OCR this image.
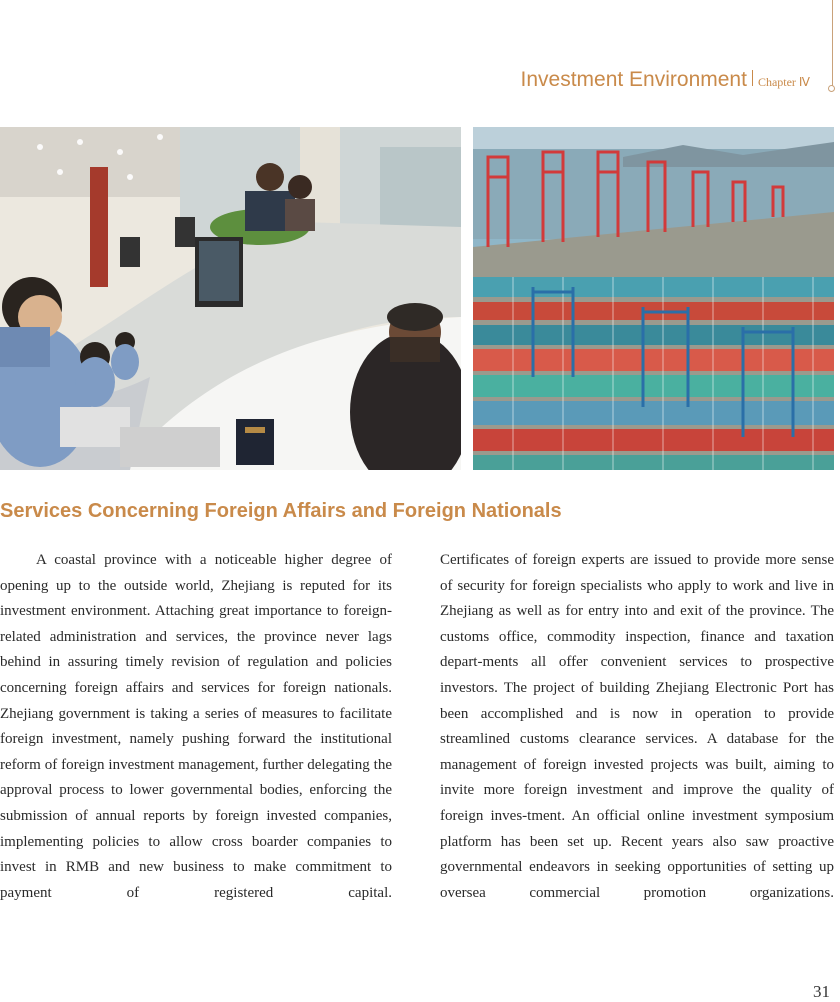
Investment Environment Chapter Ⅳ
Services Concerning Foreign Affairs and Foreign Nationals
A coastal province with a noticeable higher degree of opening up to the outside world, Zhejiang is reputed for its investment environment. Attaching great importance to foreign-related administration and services, the province never lags behind in assuring timely revision of regulation and policies concerning foreign affairs and services for foreign nationals. Zhejiang government is taking a series of measures to facilitate foreign investment, namely pushing forward the institutional reform of foreign investment management, further delegating the approval process to lower governmental bodies, enforcing the submission of annual reports by foreign invested companies, implementing policies to allow cross boarder companies to invest in RMB and new business to make commitment to payment of registered capital.
Certificates of foreign experts are issued to provide more sense of security for foreign specialists who apply to work and live in Zhejiang as well as for entry into and exit of the province. The customs office, commodity inspection, finance and taxation depart-ments all offer convenient services to prospective investors. The project of building Zhejiang Electronic Port has been accomplished and is now in operation to provide streamlined customs clearance services. A database for the management of foreign invested projects was built, aiming to invite more foreign investment and improve the quality of foreign inves-tment. An official online investment symposium platform has been set up. Recent years also saw proactive governmental endeavors in seeking opportunities of setting up oversea commercial promotion organizations.
31
